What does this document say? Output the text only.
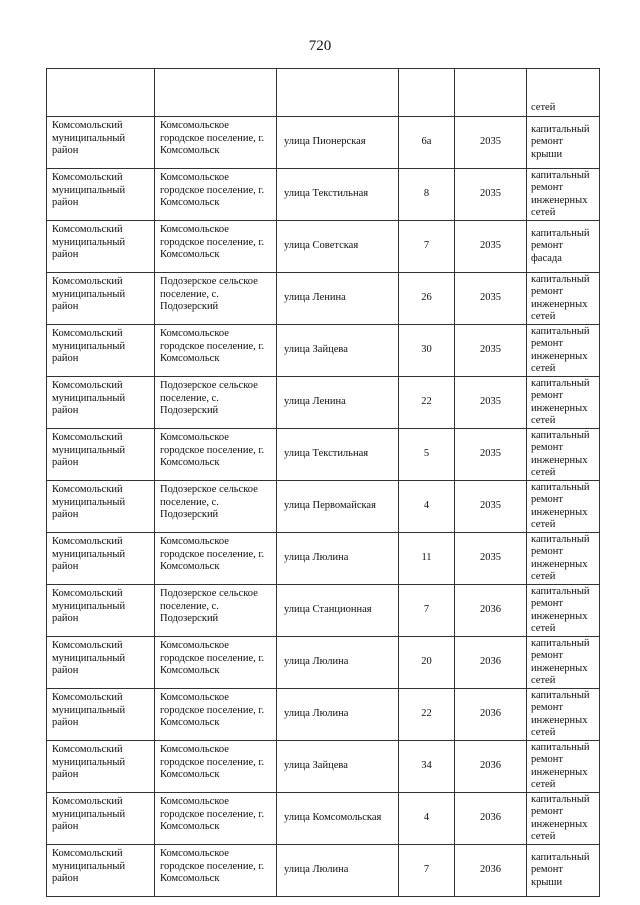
720
					сетей
Комсомольский муниципальный район	Комсомольское городское поселение, г. Комсомольск	улица Пионерская	6а	2035	капитальный ремонт крыши
Комсомольский муниципальный район	Комсомольское городское поселение, г. Комсомольск	улица Текстильная	8	2035	капитальный ремонт инженерных сетей
Комсомольский муниципальный район	Комсомольское городское поселение, г. Комсомольск	улица Советская	7	2035	капитальный ремонт фасада
Комсомольский муниципальный район	Подозерское сельское поселение, с. Подозерский	улица Ленина	26	2035	капитальный ремонт инженерных сетей
Комсомольский муниципальный район	Комсомольское городское поселение, г. Комсомольск	улица Зайцева	30	2035	капитальный ремонт инженерных сетей
Комсомольский муниципальный район	Подозерское сельское поселение, с. Подозерский	улица Ленина	22	2035	капитальный ремонт инженерных сетей
Комсомольский муниципальный район	Комсомольское городское поселение, г. Комсомольск	улица Текстильная	5	2035	капитальный ремонт инженерных сетей
Комсомольский муниципальный район	Подозерское сельское поселение, с. Подозерский	улица Первомайская	4	2035	капитальный ремонт инженерных сетей
Комсомольский муниципальный район	Комсомольское городское поселение, г. Комсомольск	улица Люлина	11	2035	капитальный ремонт инженерных сетей
Комсомольский муниципальный район	Подозерское сельское поселение, с. Подозерский	улица Станционная	7	2036	капитальный ремонт инженерных сетей
Комсомольский муниципальный район	Комсомольское городское поселение, г. Комсомольск	улица Люлина	20	2036	капитальный ремонт инженерных сетей
Комсомольский муниципальный район	Комсомольское городское поселение, г. Комсомольск	улица Люлина	22	2036	капитальный ремонт инженерных сетей
Комсомольский муниципальный район	Комсомольское городское поселение, г. Комсомольск	улица Зайцева	34	2036	капитальный ремонт инженерных сетей
Комсомольский муниципальный район	Комсомольское городское поселение, г. Комсомольск	улица Комсомольская	4	2036	капитальный ремонт инженерных сетей
Комсомольский муниципальный район	Комсомольское городское поселение, г. Комсомольск	улица Люлина	7	2036	капитальный ремонт крыши
